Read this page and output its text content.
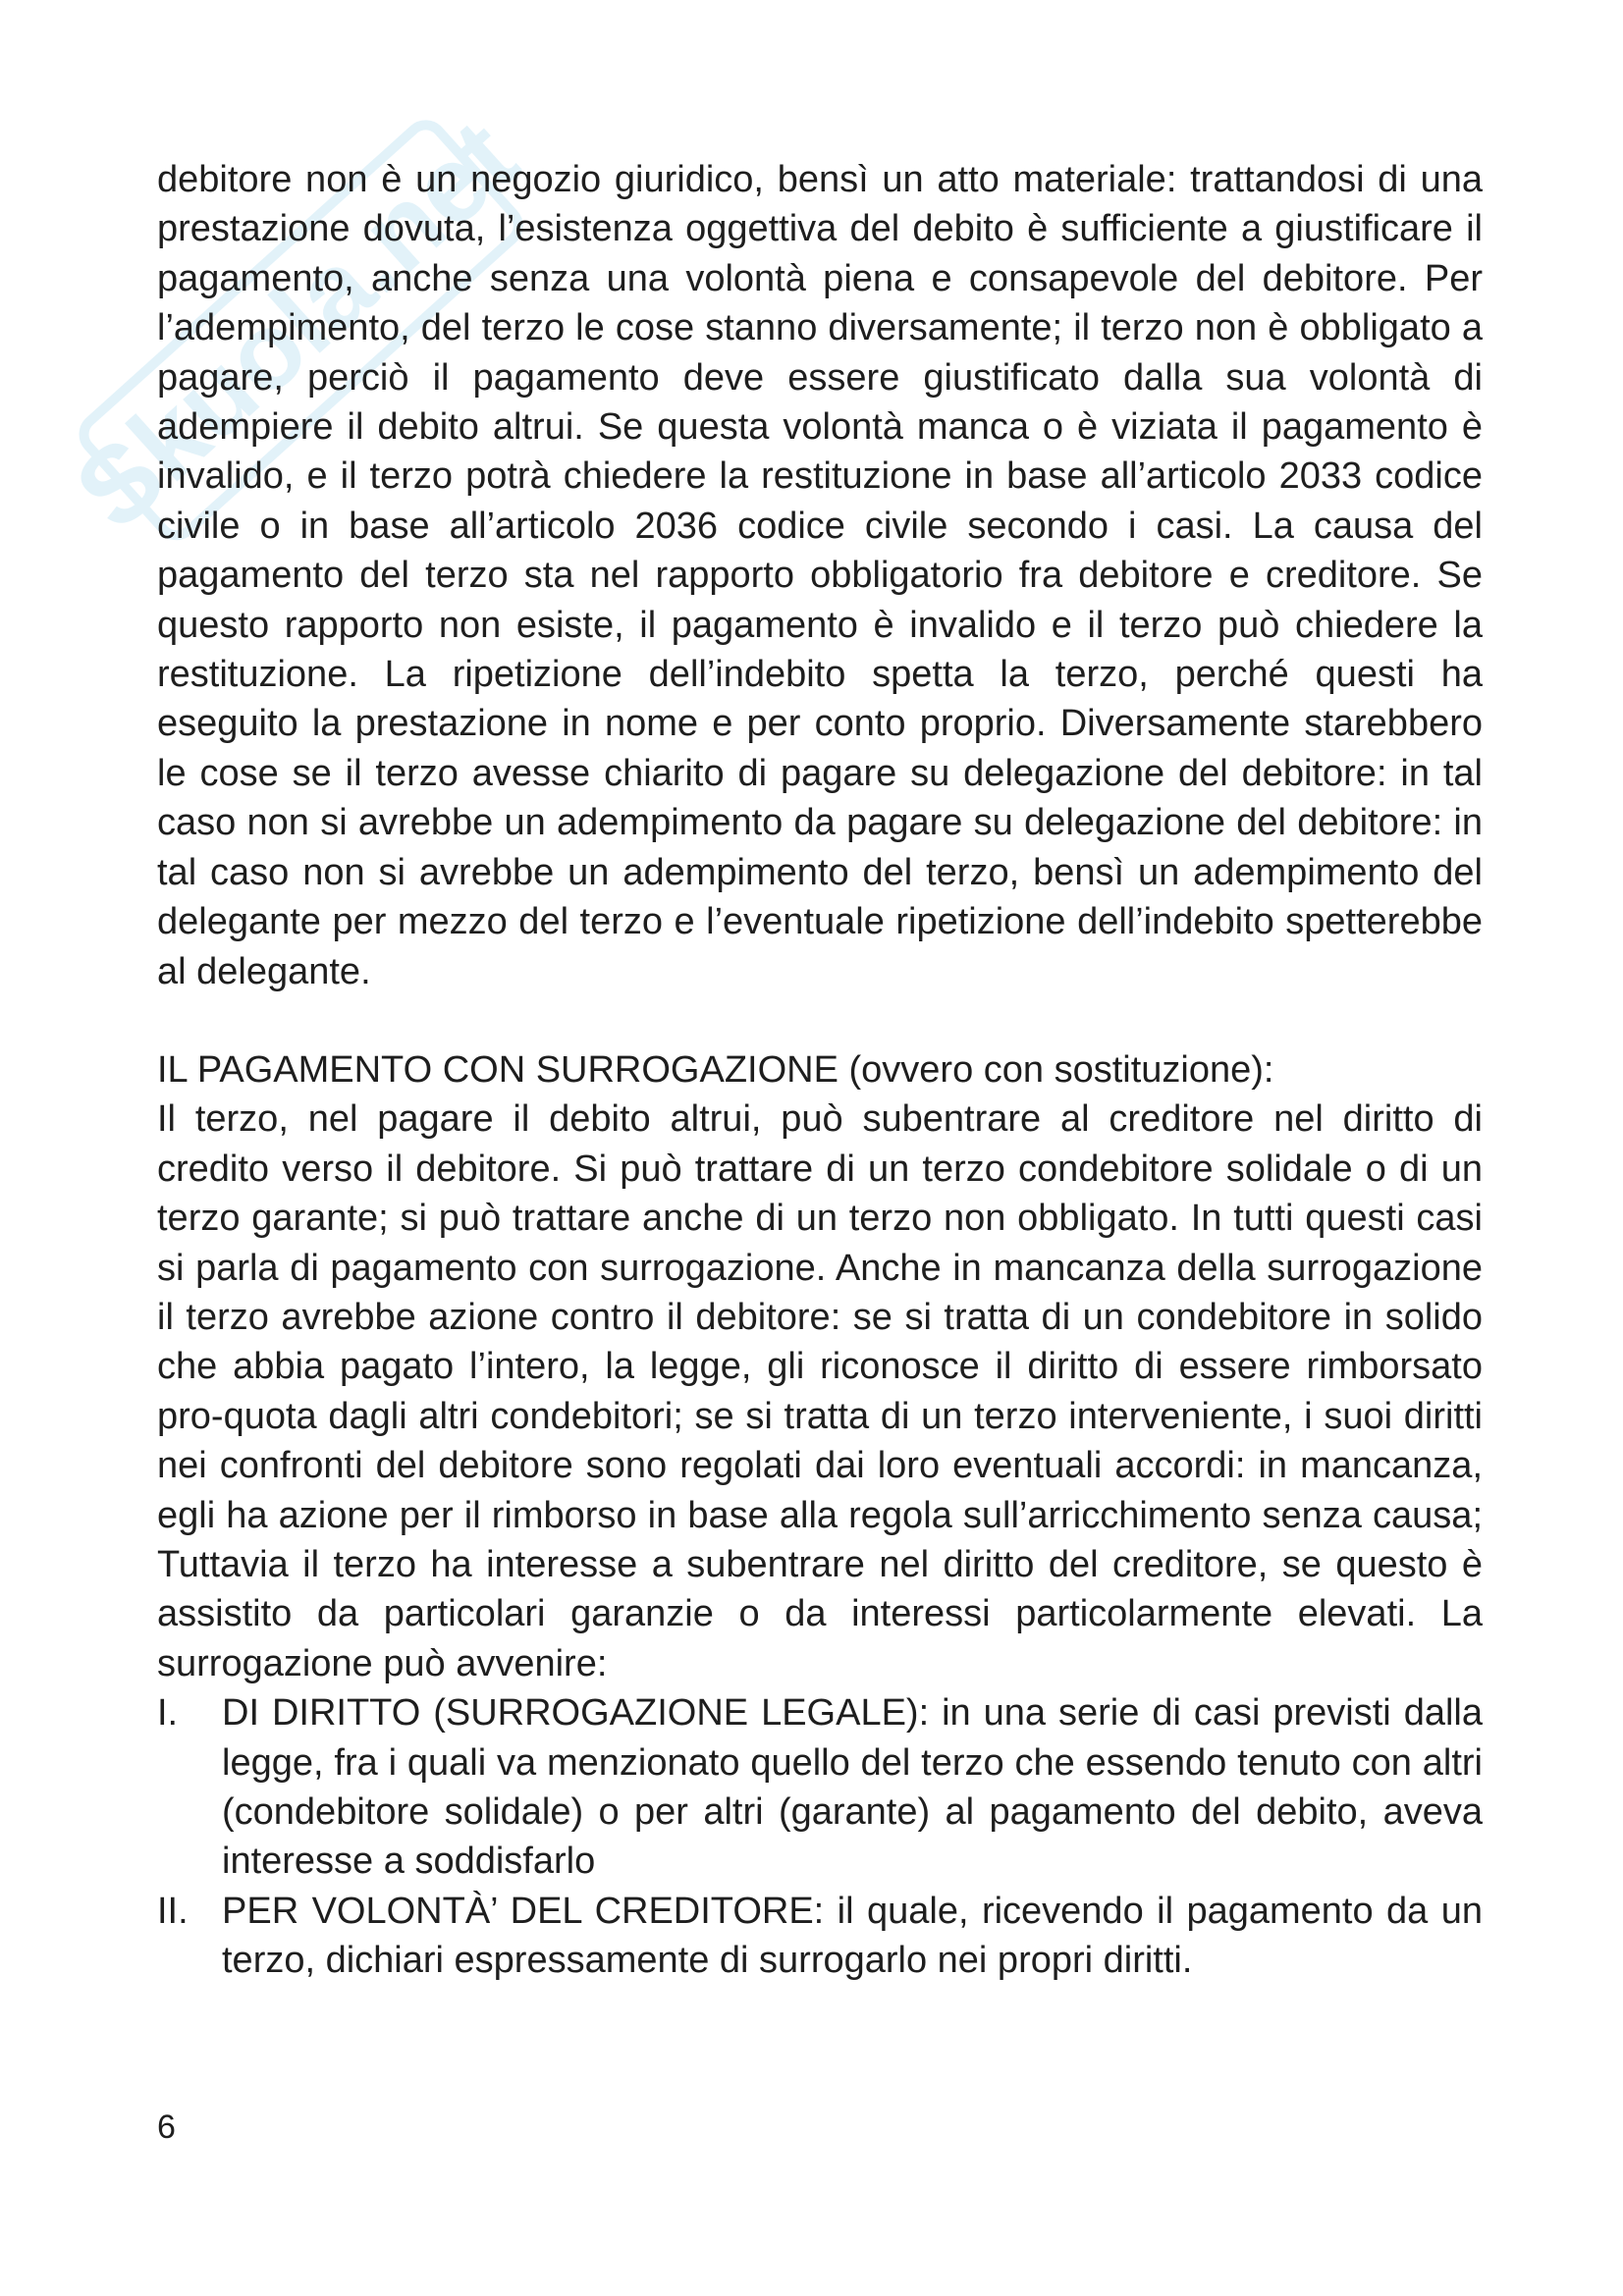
Skuola.net

debitore non è un negozio giuridico, bensì un atto materiale: trattandosi di una prestazione dovuta, l’esistenza oggettiva del debito è sufficiente a giustificare il pagamento, anche senza una volontà piena e consapevole del debitore. Per l’adempimento, del terzo le cose stanno diversamente; il terzo non è obbligato a pagare, perciò il pagamento deve essere giustificato dalla sua volontà di adempiere il debito altrui. Se questa volontà manca o è viziata il pagamento è invalido, e il terzo potrà chiedere la restituzione in base all’articolo 2033 codice civile o in base all’articolo 2036 codice civile secondo i casi. La causa del pagamento del terzo sta nel rapporto obbligatorio fra debitore e creditore. Se questo rapporto non esiste, il pagamento è invalido e il terzo può chiedere la restituzione. La ripetizione dell’indebito spetta la terzo, perché questi ha eseguito la prestazione in nome e per conto proprio. Diversamente starebbero le cose se il terzo avesse chiarito di pagare su delegazione del debitore: in tal caso non si avrebbe un adempimento da pagare su delegazione del debitore: in tal caso non si avrebbe un adempimento del terzo, bensì un adempimento del delegante per mezzo del terzo e l’eventuale ripetizione dell’indebito spetterebbe al delegante.

IL PAGAMENTO CON SURROGAZIONE (ovvero con sostituzione):

Il terzo, nel pagare il debito altrui, può subentrare al creditore nel diritto di credito verso il debitore. Si può trattare di un terzo condebitore solidale o di un terzo garante; si può trattare anche di un terzo non obbligato. In tutti questi casi si parla di pagamento con surrogazione. Anche in mancanza della surrogazione il terzo avrebbe azione contro il debitore: se si tratta di un condebitore in solido che abbia pagato l’intero, la legge, gli riconosce il diritto di essere rimborsato pro-quota dagli altri condebitori; se si tratta di un terzo interveniente, i suoi diritti nei confronti del debitore sono regolati dai loro eventuali accordi: in mancanza, egli ha azione per il rimborso in base alla regola sull’arricchimento senza causa; Tuttavia il terzo ha interesse a subentrare nel diritto del creditore, se questo è assistito da particolari garanzie o da interessi particolarmente elevati. La surrogazione può avvenire:

I. DI DIRITTO (SURROGAZIONE LEGALE): in una serie di casi previsti dalla legge, fra i quali va menzionato quello del terzo che essendo tenuto con altri (condebitore solidale) o per altri (garante) al pagamento del debito, aveva interesse a soddisfarlo
II. PER VOLONTÀ’ DEL CREDITORE: il quale, ricevendo il pagamento da un terzo, dichiari espressamente di surrogarlo nei propri diritti.
6
